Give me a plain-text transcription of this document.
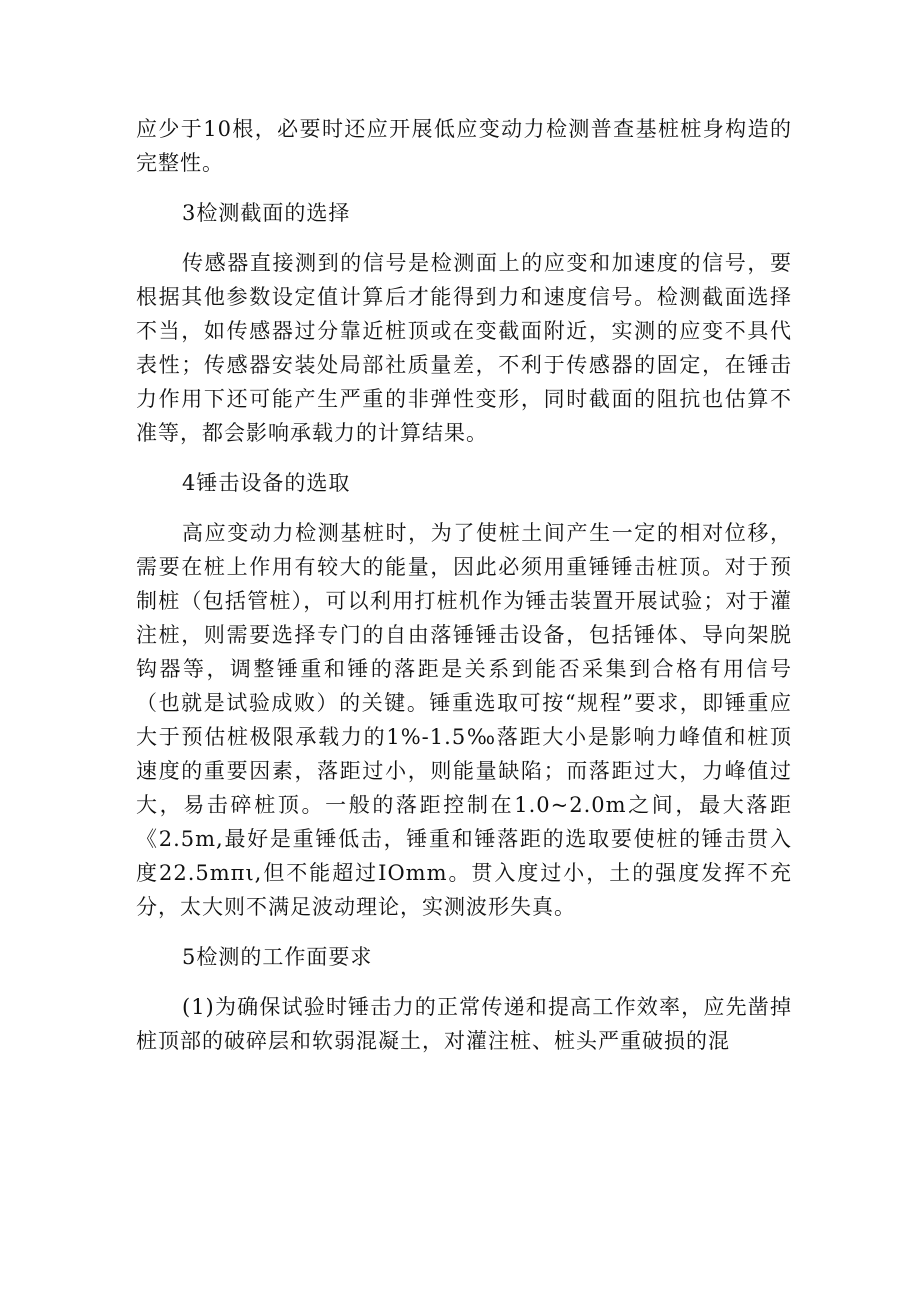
应少于10根，必要时还应开展低应变动力检测普查基桩桩身构造的完整性。

3检测截面的选择

传感器直接测到的信号是检测面上的应变和加速度的信号，要根据其他参数设定值计算后才能得到力和速度信号。检测截面选择不当，如传感器过分靠近桩顶或在变截面附近，实测的应变不具代表性；传感器安装处局部社质量差，不利于传感器的固定，在锤击力作用下还可能产生严重的非弹性变形，同时截面的阻抗也估算不准等，都会影响承载力的计算结果。

4锤击设备的选取

高应变动力检测基桩时，为了使桩土间产生一定的相对位移，需要在桩上作用有较大的能量，因此必须用重锤锤击桩顶。对于预制桩（包括管桩），可以利用打桩机作为锤击装置开展试验；对于灌注桩，则需要选择专门的自由落锤锤击设备，包括锤体、导向架脱钩器等，调整锤重和锤的落距是关系到能否采集到合格有用信号（也就是试验成败）的关键。锤重选取可按“规程”要求，即锤重应大于预估桩极限承载力的1%-1.5‰落距大小是影响力峰值和桩顶速度的重要因素，落距过小，则能量缺陷；而落距过大，力峰值过大，易击碎桩顶。一般的落距控制在1.0~2.0m之间，最大落距《2.5m,最好是重锤低击，锤重和锤落距的选取要使桩的锤击贯入度22.5mπι,但不能超过IOmm。贯入度过小，土的强度发挥不充分，太大则不满足波动理论，实测波形失真。

5检测的工作面要求

(1)为确保试验时锤击力的正常传递和提高工作效率，应先凿掉桩顶部的破碎层和软弱混凝土，对灌注桩、桩头严重破损的混
